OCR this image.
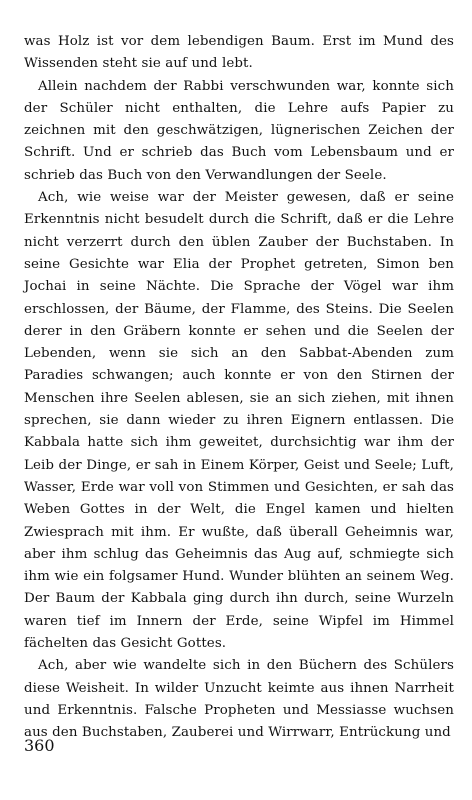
was Holz ist vor dem lebendigen Baum. Erst im Mund des Wissenden steht sie auf und lebt.

Allein nachdem der Rabbi verschwunden war, konnte sich der Schüler nicht enthalten, die Lehre aufs Papier zu zeichnen mit den geschwätzigen, lügnerischen Zeichen der Schrift. Und er schrieb das Buch vom Lebensbaum und er schrieb das Buch von den Verwandlungen der Seele.

Ach, wie weise war der Meister gewesen, daß er seine Erkenntnis nicht besudelt durch die Schrift, daß er die Lehre nicht verzerrt durch den üblen Zauber der Buchstaben. In seine Gesichte war Elia der Prophet getreten, Simon ben Jochai in seine Nächte. Die Sprache der Vögel war ihm erschlossen, der Bäume, der Flamme, des Steins. Die Seelen derer in den Gräbern konnte er sehen und die Seelen der Lebenden, wenn sie sich an den Sabbat-Abenden zum Paradies schwangen; auch konnte er von den Stirnen der Menschen ihre Seelen ablesen, sie an sich ziehen, mit ihnen sprechen, sie dann wieder zu ihren Eignern entlassen. Die Kabbala hatte sich ihm geweitet, durchsichtig war ihm der Leib der Dinge, er sah in Einem Körper, Geist und Seele; Luft, Wasser, Erde war voll von Stimmen und Gesichten, er sah das Weben Gottes in der Welt, die Engel kamen und hielten Zwiesprach mit ihm. Er wußte, daß überall Geheimnis war, aber ihm schlug das Geheimnis das Aug auf, schmiegte sich ihm wie ein folgsamer Hund. Wunder blühten an seinem Weg. Der Baum der Kabbala ging durch ihn durch, seine Wurzeln waren tief im Innern der Erde, seine Wipfel im Himmel fächelten das Gesicht Gottes.

Ach, aber wie wandelte sich in den Büchern des Schülers diese Weisheit. In wilder Unzucht keimte aus ihnen Narrheit und Erkenntnis. Falsche Propheten und Messiasse wuchsen aus den Buchstaben, Zauberei und Wirrwarr, Entrückung und

360
